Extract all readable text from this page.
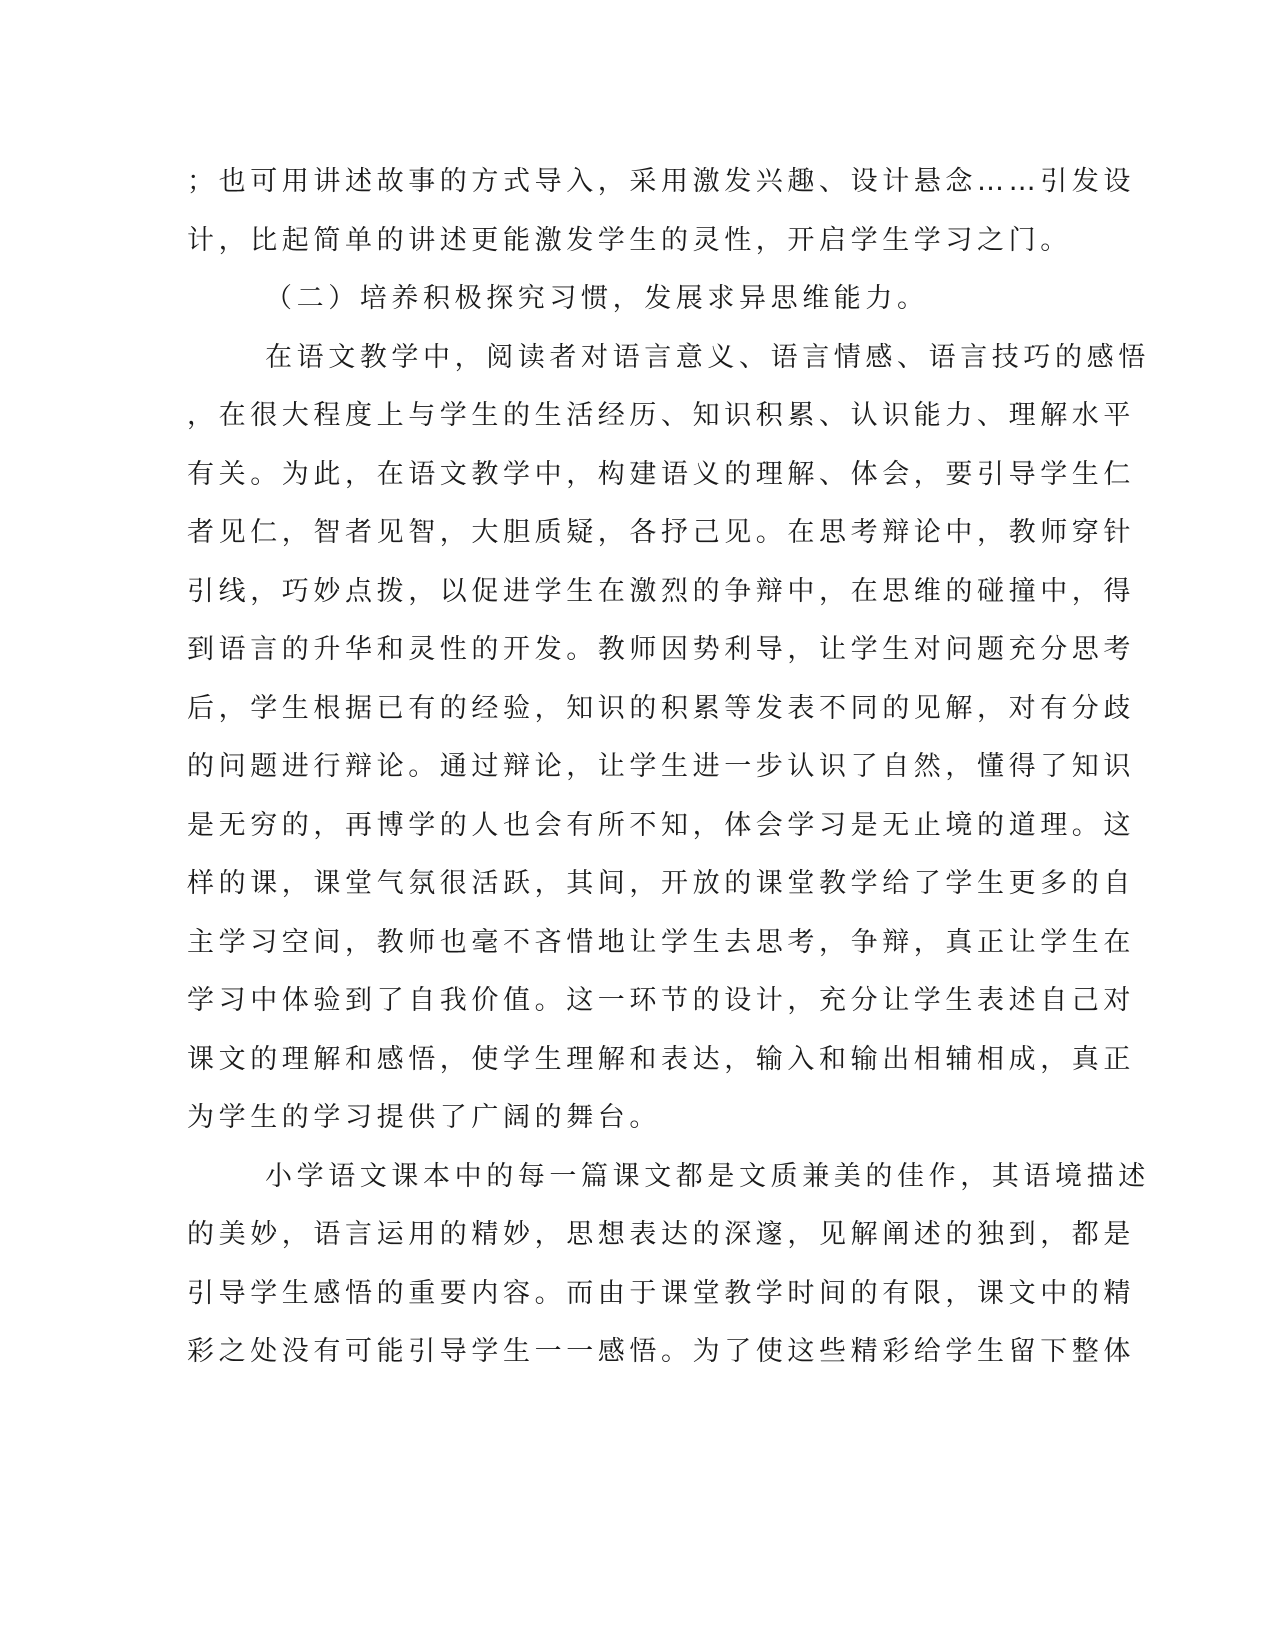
；也可用讲述故事的方式导入，采用激发兴趣、设计悬念……引发设
计，比起简单的讲述更能激发学生的灵性，开启学生学习之门。
（二）培养积极探究习惯，发展求异思维能力。
在语文教学中，阅读者对语言意义、语言情感、语言技巧的感悟
，在很大程度上与学生的生活经历、知识积累、认识能力、理解水平
有关。为此，在语文教学中，构建语义的理解、体会，要引导学生仁
者见仁，智者见智，大胆质疑，各抒己见。在思考辩论中，教师穿针
引线，巧妙点拨，以促进学生在激烈的争辩中，在思维的碰撞中，得
到语言的升华和灵性的开发。教师因势利导，让学生对问题充分思考
后，学生根据已有的经验，知识的积累等发表不同的见解，对有分歧
的问题进行辩论。通过辩论，让学生进一步认识了自然，懂得了知识
是无穷的，再博学的人也会有所不知，体会学习是无止境的道理。这
样的课，课堂气氛很活跃，其间，开放的课堂教学给了学生更多的自
主学习空间，教师也毫不吝惜地让学生去思考，争辩，真正让学生在
学习中体验到了自我价值。这一环节的设计，充分让学生表述自己对
课文的理解和感悟，使学生理解和表达，输入和输出相辅相成，真正
为学生的学习提供了广阔的舞台。
小学语文课本中的每一篇课文都是文质兼美的佳作，其语境描述
的美妙，语言运用的精妙，思想表达的深邃，见解阐述的独到，都是
引导学生感悟的重要内容。而由于课堂教学时间的有限，课文中的精
彩之处没有可能引导学生一一感悟。为了使这些精彩给学生留下整体
